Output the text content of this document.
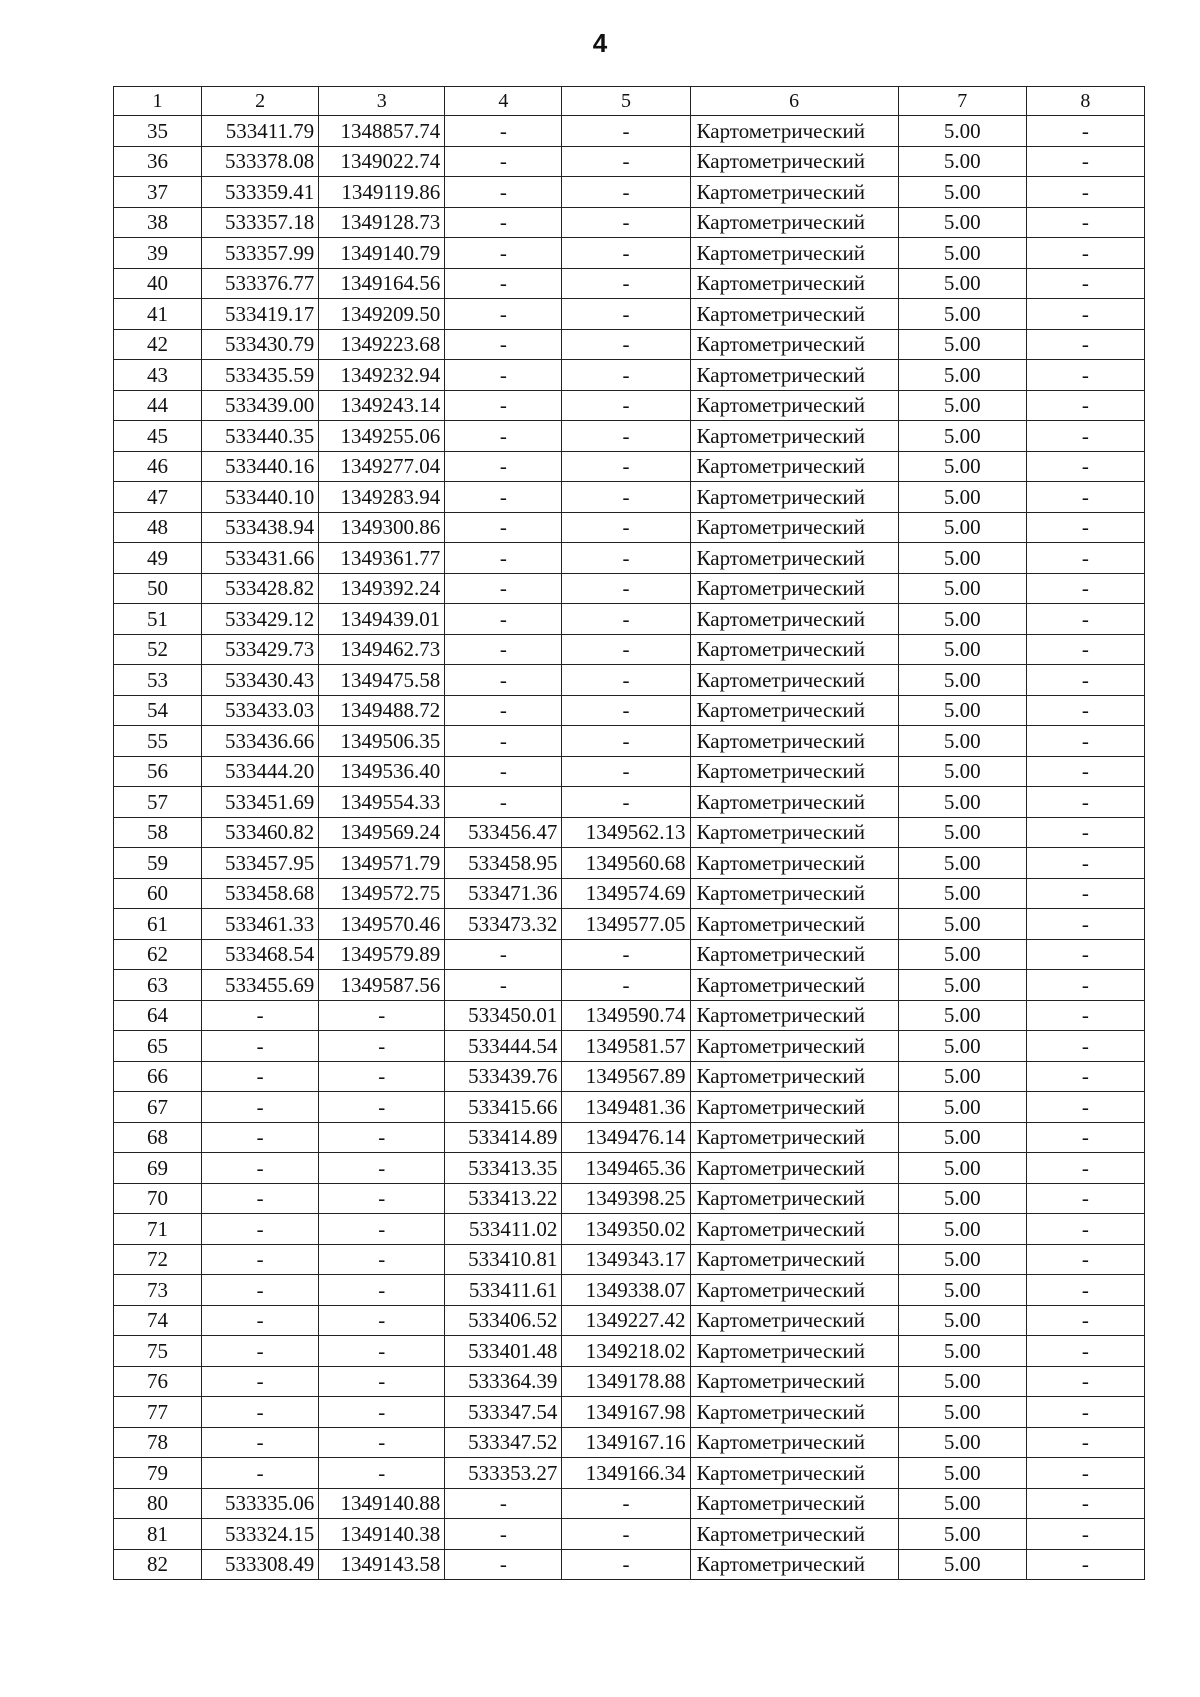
4
1	2	3	4	5	6	7	8
35	533411.79	1348857.74	-	-	Картометрический	5.00	-
36	533378.08	1349022.74	-	-	Картометрический	5.00	-
37	533359.41	1349119.86	-	-	Картометрический	5.00	-
38	533357.18	1349128.73	-	-	Картометрический	5.00	-
39	533357.99	1349140.79	-	-	Картометрический	5.00	-
40	533376.77	1349164.56	-	-	Картометрический	5.00	-
41	533419.17	1349209.50	-	-	Картометрический	5.00	-
42	533430.79	1349223.68	-	-	Картометрический	5.00	-
43	533435.59	1349232.94	-	-	Картометрический	5.00	-
44	533439.00	1349243.14	-	-	Картометрический	5.00	-
45	533440.35	1349255.06	-	-	Картометрический	5.00	-
46	533440.16	1349277.04	-	-	Картометрический	5.00	-
47	533440.10	1349283.94	-	-	Картометрический	5.00	-
48	533438.94	1349300.86	-	-	Картометрический	5.00	-
49	533431.66	1349361.77	-	-	Картометрический	5.00	-
50	533428.82	1349392.24	-	-	Картометрический	5.00	-
51	533429.12	1349439.01	-	-	Картометрический	5.00	-
52	533429.73	1349462.73	-	-	Картометрический	5.00	-
53	533430.43	1349475.58	-	-	Картометрический	5.00	-
54	533433.03	1349488.72	-	-	Картометрический	5.00	-
55	533436.66	1349506.35	-	-	Картометрический	5.00	-
56	533444.20	1349536.40	-	-	Картометрический	5.00	-
57	533451.69	1349554.33	-	-	Картометрический	5.00	-
58	533460.82	1349569.24	533456.47	1349562.13	Картометрический	5.00	-
59	533457.95	1349571.79	533458.95	1349560.68	Картометрический	5.00	-
60	533458.68	1349572.75	533471.36	1349574.69	Картометрический	5.00	-
61	533461.33	1349570.46	533473.32	1349577.05	Картометрический	5.00	-
62	533468.54	1349579.89	-	-	Картометрический	5.00	-
63	533455.69	1349587.56	-	-	Картометрический	5.00	-
64	-	-	533450.01	1349590.74	Картометрический	5.00	-
65	-	-	533444.54	1349581.57	Картометрический	5.00	-
66	-	-	533439.76	1349567.89	Картометрический	5.00	-
67	-	-	533415.66	1349481.36	Картометрический	5.00	-
68	-	-	533414.89	1349476.14	Картометрический	5.00	-
69	-	-	533413.35	1349465.36	Картометрический	5.00	-
70	-	-	533413.22	1349398.25	Картометрический	5.00	-
71	-	-	533411.02	1349350.02	Картометрический	5.00	-
72	-	-	533410.81	1349343.17	Картометрический	5.00	-
73	-	-	533411.61	1349338.07	Картометрический	5.00	-
74	-	-	533406.52	1349227.42	Картометрический	5.00	-
75	-	-	533401.48	1349218.02	Картометрический	5.00	-
76	-	-	533364.39	1349178.88	Картометрический	5.00	-
77	-	-	533347.54	1349167.98	Картометрический	5.00	-
78	-	-	533347.52	1349167.16	Картометрический	5.00	-
79	-	-	533353.27	1349166.34	Картометрический	5.00	-
80	533335.06	1349140.88	-	-	Картометрический	5.00	-
81	533324.15	1349140.38	-	-	Картометрический	5.00	-
82	533308.49	1349143.58	-	-	Картометрический	5.00	-
